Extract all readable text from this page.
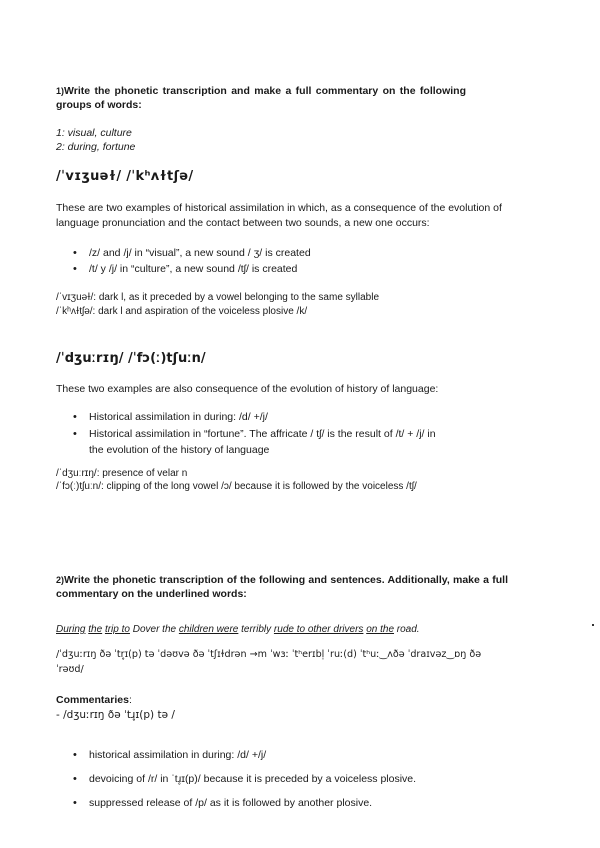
1)Write the phonetic transcription and make a full commentary on the following groups of words:
1: visual, culture
2: during, fortune
/ˈvɪʒuəɫ/ /ˈkʰʌɫtʃə/
These are two examples of historical assimilation in which, as a consequence of the evolution of language pronunciation and the contact between two sounds, a new one occurs:
• /z/ and /j/ in “visual”, a new sound / ʒ/ is created
• /t/ y /j/ in “culture”, a new sound /tʃ/ is created
/ˈvɪʒuəɫ/: dark l, as it preceded by a vowel belonging to the same syllable
/ˈkʰʌɫtʃə/: dark l and aspiration of the voiceless plosive /k/
/ˈdʒuːrɪŋ/ /ˈfɔ(ː)tʃuːn/
These two examples are also consequence of the evolution of history of language:
• Historical assimilation in during: /d/ +/j/
• Historical assimilation in “fortune”. The affricate / tʃ/ is the result of /t/ + /j/ in the evolution of the history of language
/ˈdʒuːrɪŋ/: presence of velar n
/ˈfɔ(ː)tʃuːn/: clipping of the long vowel /ɔ/ because it is followed by the voiceless /tʃ/
2)Write the phonetic transcription of the following and sentences. Additionally, make a full commentary on the underlined words:
During the trip to Dover the children were terribly rude to other drivers on the road.
/ˈdʒuːrɪŋ ðə ˈtr̥ɪ(p) tə ˈdəʊvə ðə ˈtʃɪɫdrən →m ˈwɜː ˈtʰerɪbl̩ ˈruː(d) ˈtʰuː‿ʌðə ˈdraɪvəz‿ɒŋ ðə
ˈrəʊd/
Commentaries:
- /dʒuːrɪŋ ðə ˈtɹ̥ɪ(p) tə /
• historical assimilation in during: /d/ +/j/
• devoicing of /r/ in ˈtɹ̥ɪ(p)/ because it is preceded by a voiceless plosive.
• suppressed release of /p/ as it is followed by another plosive.
